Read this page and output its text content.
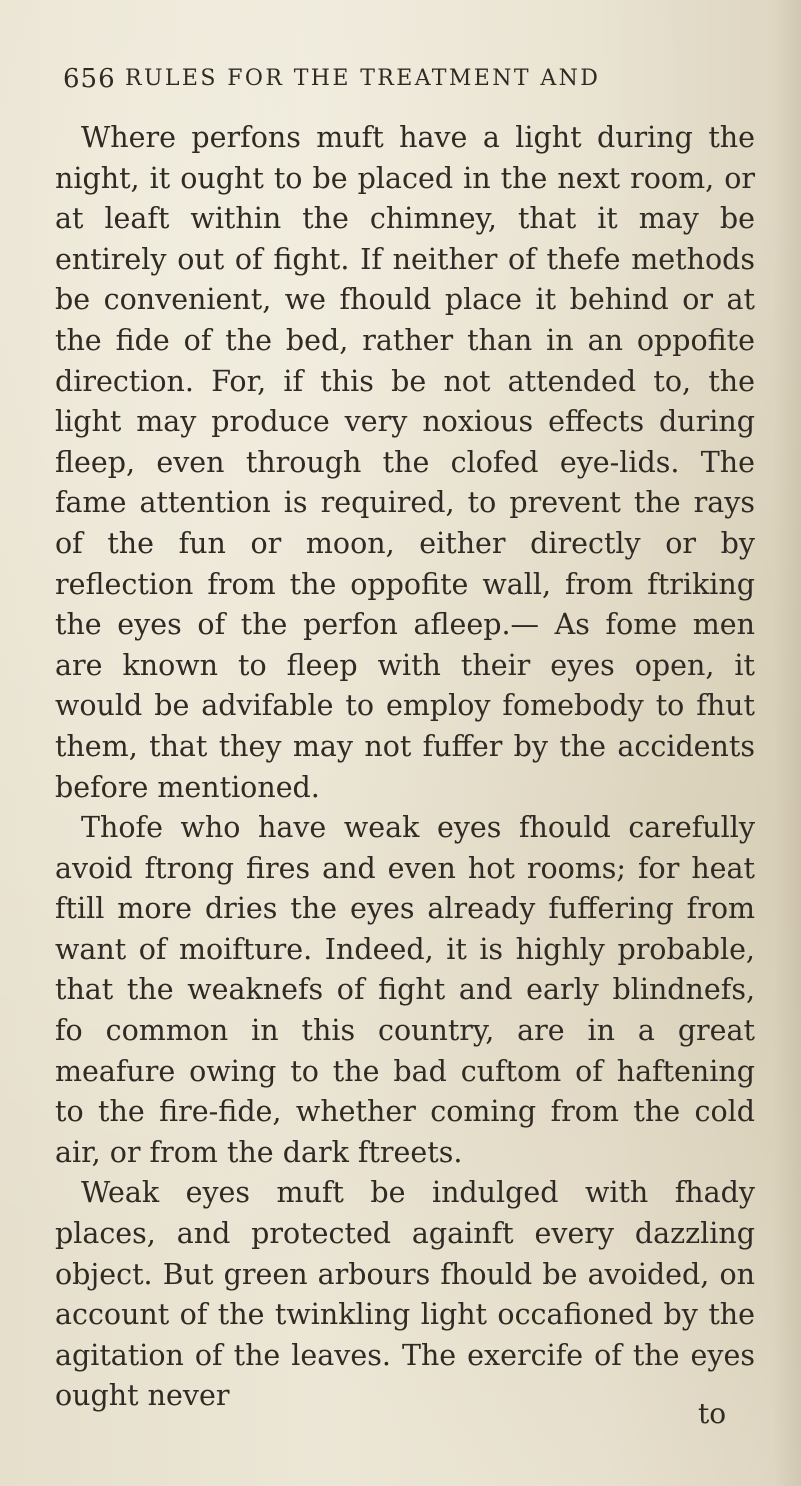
656 RULES FOR THE TREATMENT AND

Where perfons muft have a light during the night, it ought to be placed in the next room, or at leaft within the chimney, that it may be entirely out of fight. If neither of thefe methods be convenient, we fhould place it behind or at the fide of the bed, rather than in an oppofite direction. For, if this be not attended to, the light may produce very noxious effects during fleep, even through the clofed eye-lids. The fame attention is required, to prevent the rays of the fun or moon, either directly or by reflection from the oppofite wall, from ftriking the eyes of the perfon afleep.— As fome men are known to fleep with their eyes open, it would be advifable to employ fomebody to fhut them, that they may not fuffer by the accidents before mentioned.

Thofe who have weak eyes fhould carefully avoid ftrong fires and even hot rooms; for heat ftill more dries the eyes already fuffering from want of moifture. Indeed, it is highly probable, that the weaknefs of fight and early blindnefs, fo common in this country, are in a great meafure owing to the bad cuftom of haftening to the fire-fide, whether coming from the cold air, or from the dark ftreets.

Weak eyes muft be indulged with fhady places, and protected againft every dazzling object. But green arbours fhould be avoided, on account of the twinkling light occafioned by the agitation of the leaves. The exercife of the eyes ought never

to
